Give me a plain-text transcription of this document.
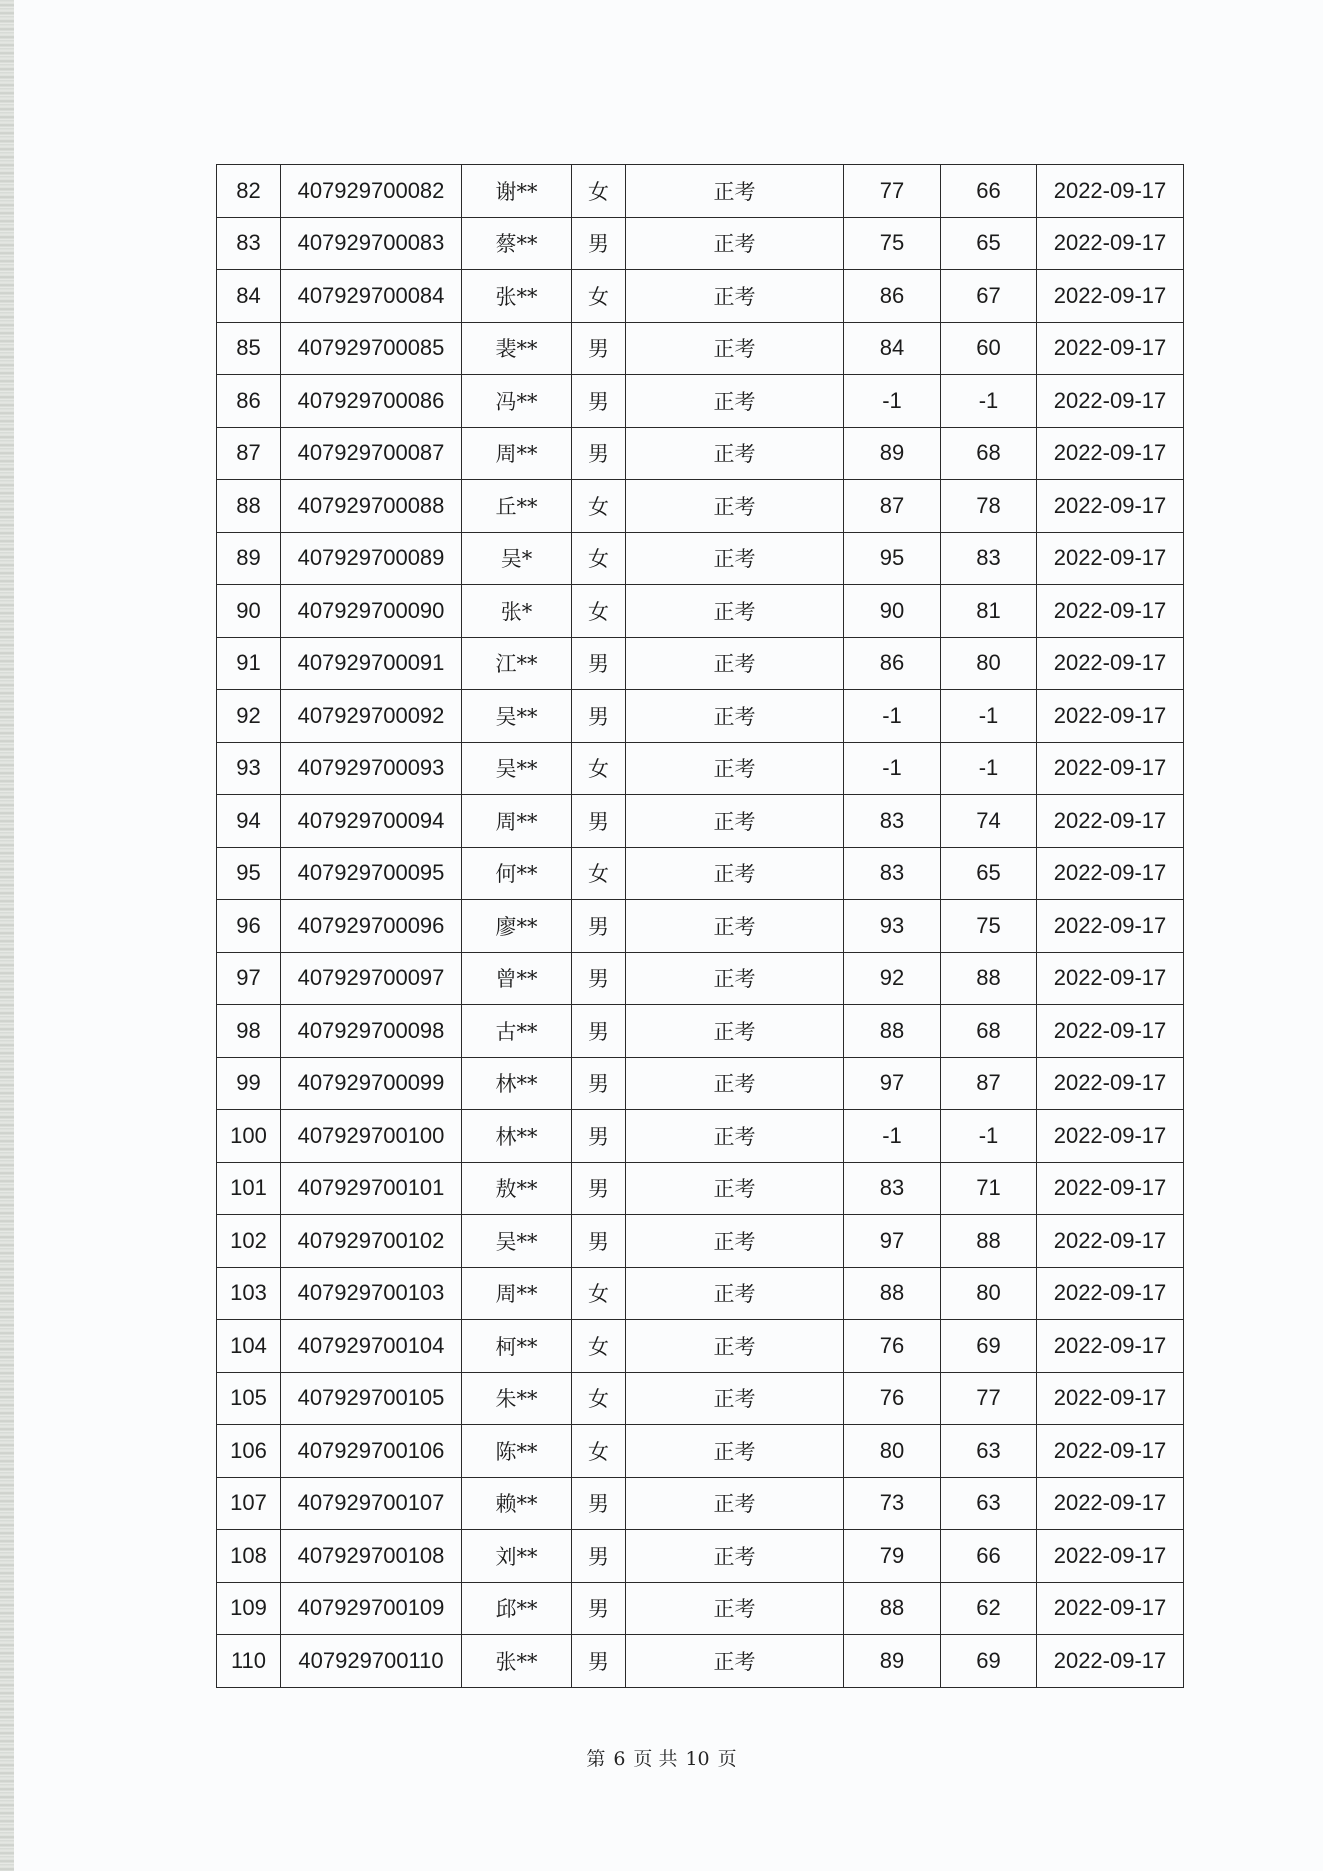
82	407929700082	谢**	女	正考	77	66	2022-09-17
83	407929700083	蔡**	男	正考	75	65	2022-09-17
84	407929700084	张**	女	正考	86	67	2022-09-17
85	407929700085	裴**	男	正考	84	60	2022-09-17
86	407929700086	冯**	男	正考	-1	-1	2022-09-17
87	407929700087	周**	男	正考	89	68	2022-09-17
88	407929700088	丘**	女	正考	87	78	2022-09-17
89	407929700089	吴*	女	正考	95	83	2022-09-17
90	407929700090	张*	女	正考	90	81	2022-09-17
91	407929700091	江**	男	正考	86	80	2022-09-17
92	407929700092	吴**	男	正考	-1	-1	2022-09-17
93	407929700093	吴**	女	正考	-1	-1	2022-09-17
94	407929700094	周**	男	正考	83	74	2022-09-17
95	407929700095	何**	女	正考	83	65	2022-09-17
96	407929700096	廖**	男	正考	93	75	2022-09-17
97	407929700097	曾**	男	正考	92	88	2022-09-17
98	407929700098	古**	男	正考	88	68	2022-09-17
99	407929700099	林**	男	正考	97	87	2022-09-17
100	407929700100	林**	男	正考	-1	-1	2022-09-17
101	407929700101	敖**	男	正考	83	71	2022-09-17
102	407929700102	吴**	男	正考	97	88	2022-09-17
103	407929700103	周**	女	正考	88	80	2022-09-17
104	407929700104	柯**	女	正考	76	69	2022-09-17
105	407929700105	朱**	女	正考	76	77	2022-09-17
106	407929700106	陈**	女	正考	80	63	2022-09-17
107	407929700107	赖**	男	正考	73	63	2022-09-17
108	407929700108	刘**	男	正考	79	66	2022-09-17
109	407929700109	邱**	男	正考	88	62	2022-09-17
110	407929700110	张**	男	正考	89	69	2022-09-17
第 6 页 共 10 页
